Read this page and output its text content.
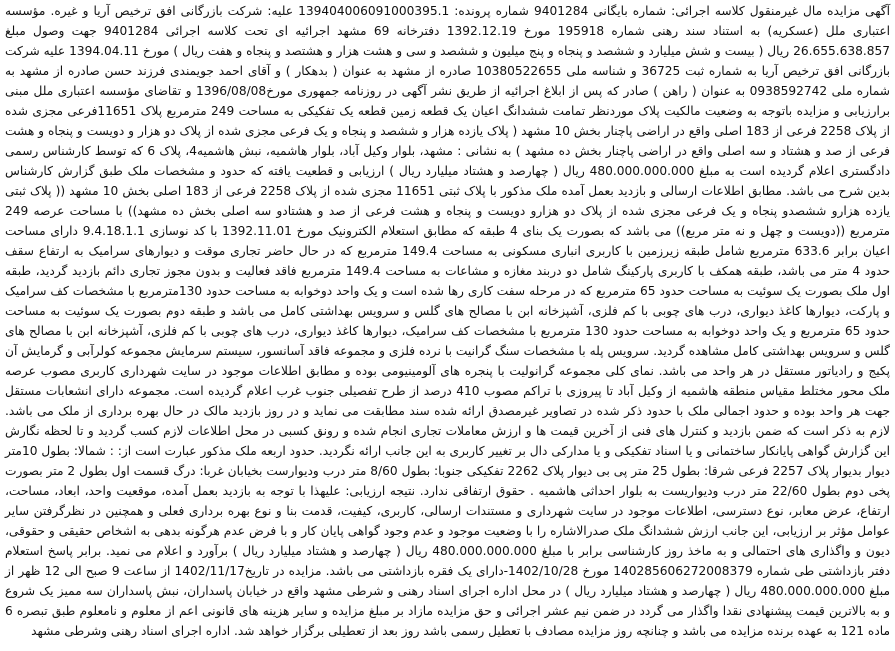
آگهی مزایده مال غیرمنقول کلاسه اجرائی: شماره بایگانی 9401284 شماره پرونده: 139404006091000395.1 علیه: شرکت بازرگانی افق ترخیص آریا و غیره. مؤسسه اعتباری ملل (عسکریه) به استناد سند رهنی شماره 195918 مورخ 1392.12.19 دفترخانه 69 مشهد اجرائیه ای تحت کلاسه اجرائی 9401284 جهت وصول مبلغ 26.655.638.857 ریال ( بیست و شش میلیارد و ششصد و پنجاه و پنج میلیون و ششصد و سی و هشت هزار و هشتصد و پنجاه و هفت ریال ) مورخ 1394.04.11 علیه شرکت بازرگانی افق ترخیص آریا به شماره ثبت 36725 و شناسه ملی 10380522655 صادره از مشهد به عنوان ( بدهکار ) و آقای احمد جویمندی فرزند حسن صادره از مشهد به شماره ملی 0938592742 به عنوان ( راهن ) صادر که پس از ابلاغ اجرائیه از طریق نشر آگهی در روزنامه جمهوری مورخ1396/08/08 و تقاضای مؤسسه اعتباری ملل مبنی برارزیابی و مزایده باتوجه به وضعیت مالکیت پلاک موردنظر تمامت ششدانگ اعیان یک قطعه زمین قطعه یک تفکیکی به مساحت 249 مترمربع پلاک 11651فرعی مجزی شده از پلاک 2258 فرعی از 183 اصلی واقع در اراضی پاچنار بخش 10 مشهد ( پلاک یازده هزار و ششصد و پنجاه و یک فرعی مجزی شده از پلاک دو هزار و دویست و پنجاه و هشت فرعی از صد و هشتاد و سه اصلی واقع در اراضی پاچنار بخش ده مشهد ) به نشانی : مشهد، بلوار وکیل آباد، بلوار هاشمیه، نبش هاشمیه4، پلاک 6 که توسط کارشناس رسمی دادگستری اعلام گردیده است به مبلغ 480.000.000.000 ریال ( چهارصد و هشتاد میلیارد ریال ) ارزیابی و قطعیت یافته که حدود و مشخصات ملک طبق گزارش کارشناس بدین شرح می باشد. مطابق اطلاعات ارسالی و بازدید بعمل آمده ملک مذکور با پلاک ثبتی 11651 مجزی شده از پلاک 2258 فرعی از 183 اصلی بخش 10 مشهد (( پلاک ثبتی یازده هزارو ششصدو پنجاه و یک فرعی مجزی شده از پلاک دو هزارو دویست و پنجاه و هشت فرعی از صد و هشتادو سه اصلی بخش ده مشهد)) با مساحت عرصه 249 مترمربع ((دویست و چهل و نه متر مربع)) می باشد که بصورت یک بنای 4 طبقه که مطابق استعلام الکترونیک مورخ 1392.11.01 با کد نوسازی 9.4.18.1.1 دارای مساحت اعیان برابر 633.6 مترمربع شامل طبقه زیرزمین با کاربری انباری مسکونی به مساحت 149.4 مترمربع که در حال حاضر تجاری موقت و دیوارهای سرامیک به ارتفاع سقف حدود 4 متر می باشد، طبقه همکف با کاربری پارکینگ شامل دو دربند مغازه و مشاعات به مساحت 149.4 مترمربع فاقد فعالیت و بدون مجوز تجاری دائم بازدید گردید، طبقه اول ملک بصورت یک سوئیت به مساحت حدود 65 مترمربع که در مرحله سفت کاری رها شده است و یک واحد دوخوابه به مساحت حدود 130مترمربع با مشخصات کف سرامیک و پارکت، دیوارها کاغذ دیواری، درب های چوبی با کم فلزی، آشپزخانه ابن با مصالح های گلس و سرویس بهداشتی کامل می باشد و طبقه دوم بصورت یک سوئیت به مساحت حدود 65 مترمربع و یک واحد دوخوابه به مساحت حدود 130 مترمربع با مشخصات کف سرامیک، دیوارها کاغذ دیواری، درب های چوبی با کم فلزی، آشپزخانه ابن با مصالح های گلس و سرویس بهداشتی کامل مشاهده گردید. سرویس پله با مشخصات سنگ گرانیت با نرده فلزی و مجموعه فاقد آسانسور، سیستم سرمایش مجموعه کولرآبی و گرمایش آن پکیج و رادیاتور مستقل در هر واحد می باشد. نمای کلی مجموعه گرانولیت با پنجره های آلومینیومی بوده و مطابق اطلاعات موجود در سایت شهرداری کاربری مصوب عرصه ملک محور مختلط مقیاس منطقه هاشمیه از وکیل آباد تا پیروزی با تراکم مصوب 410 درصد از طرح تفصیلی جنوب غرب اعلام گردیده است. مجموعه دارای انشعابات مستقل جهت هر واحد بوده و حدود اجمالی ملک با حدود ذکر شده در تصاویر غیرمصدق ارائه شده سند مطابقت می نماید و در روز بازدید مالک در حال بهره برداری از ملک می باشد. لازم به ذکر است که ضمن بازدید و کنترل های فنی از آخرین قیمت ها و ارزش معاملات تجاری انجام شده و رونق کسبی در محل اطلاعات لازم کسب گردید و تا لحظه نگارش این گزارش گواهی پایانکار ساختمانی و یا اسناد تفکیکی و یا مدارکی دال بر تغییر کاربری به این جانب ارائه نگردید. حدود اربعه ملک مذکور عبارت است از: : شمالا: بطول 10متر دیوار بدیوار پلاک 2257 فرعی شرقا: بطول 25 متر پی بی دیوار پلاک 2262 تفکیکی جنوبا: بطول 8/60 متر درب ودیوارست بخیابان غربا: درگ قسمت اول بطول 2 متر بصورت پخی دوم بطول 22/60 متر درب ودیواریست به بلوار احداثی هاشمیه . حقوق ارتفاقی ندارد. نتیجه ارزیابی: علیهذا با توجه به بازدید بعمل آمده، موقعیت واحد، ابعاد، مساحت، ارتفاع، عرض معابر، نوع دسترسی، اطلاعات موجود در سایت شهرداری و مستندات ارسالی، کاربری، کیفیت، قدمت بنا و نوع بهره برداری فعلی و همچنین در نظرگرفتن سایر عوامل مؤثر بر ارزیابی، این جانب ارزش ششدانگ ملک صدرالاشاره را با وضعیت موجود و عدم وجود گواهی پایان کار و با فرض عدم هرگونه بدهی به اشخاص حقیقی و حقوقی، دیون و واگذاری های احتمالی و به ماخذ روز کارشناسی برابر با مبلغ 480.000.000.000 ریال ( چهارصد و هشتاد میلیارد ریال ) برآورد و اعلام می نمید. برابر پاسخ استعلام دفتر بازداشتی طی شماره 140285606272008379 مورخ 1402/10/28-دارای یک فقره بازداشتی می باشد. مزایده در تاریخ1402/11/17 از ساعت 9 صبح الی 12 ظهر از مبلغ 480.000.000.000 ریال ( چهارصد و هشتاد میلیارد ریال ) در محل اداره اجرای اسناد رهنی و شرطی مشهد واقع در خیابان پاسداران، نبش پاسداران سه ممیز یک شروع و به بالاترین قیمت پیشنهادی نقدا واگذار می گردد در ضمن نیم عشر اجرائی و حق مزایده مازاد بر مبلغ مزایده و سایر هزینه های قانونی اعم از معلوم و نامعلوم طبق تبصره 6 ماده 121 به عهده برنده مزایده می باشد و چنانچه روز مزایده مصادف با تعطیل رسمی باشد روز بعد از تعطیلی برگزار خواهد شد. اداره اجرای اسناد رهنی وشرطی مشهد
